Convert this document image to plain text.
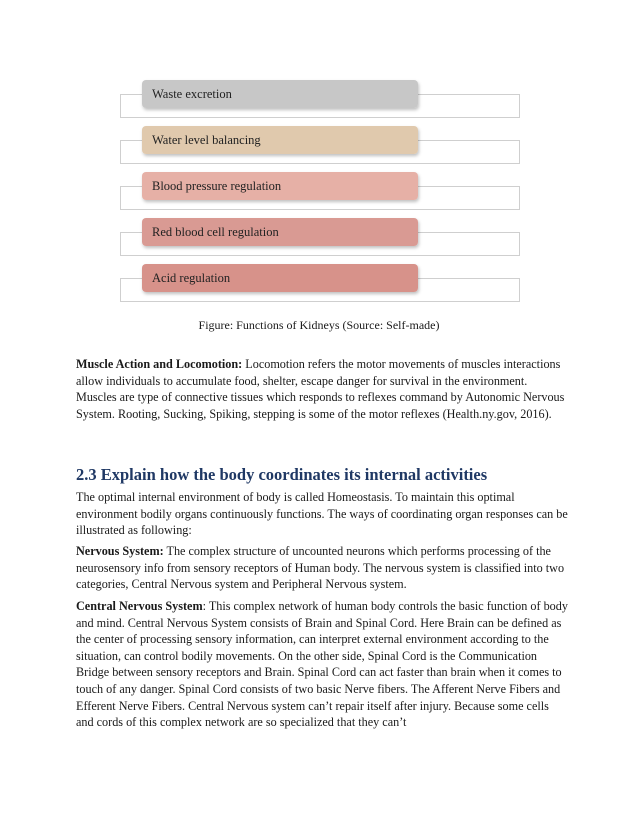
Waste excretion
Water level balancing
Blood pressure regulation
Red blood cell regulation
Acid regulation
Figure: Functions of Kidneys (Source: Self-made)

Muscle Action and Locomotion: Locomotion refers the motor movements of muscles interactions allow individuals to accumulate food, shelter, escape danger for survival in the environment. Muscles are type of connective tissues which responds to reflexes command by Autonomic Nervous System. Rooting, Sucking, Spiking, stepping is some of the motor reflexes (Health.ny.gov, 2016).

2.3 Explain how the body coordinates its internal activities

The optimal internal environment of body is called Homeostasis. To maintain this optimal environment bodily organs continuously functions. The ways of coordinating organ responses can be illustrated as following:

Nervous System: The complex structure of uncounted neurons which performs processing of the neurosensory info from sensory receptors of Human body. The nervous system is classified into two categories, Central Nervous system and Peripheral Nervous system.

Central Nervous System: This complex network of human body controls the basic function of body and mind. Central Nervous System consists of Brain and Spinal Cord. Here Brain can be defined as the center of processing sensory information, can interpret external environment according to the situation, can control bodily movements. On the other side, Spinal Cord is the Communication Bridge between sensory receptors and Brain. Spinal Cord can act faster than brain when it comes to touch of any danger. Spinal Cord consists of two basic Nerve fibers. The Afferent Nerve Fibers and Efferent Nerve Fibers. Central Nervous system can’t repair itself after injury. Because some cells and cords of this complex network are so specialized that they can’t
